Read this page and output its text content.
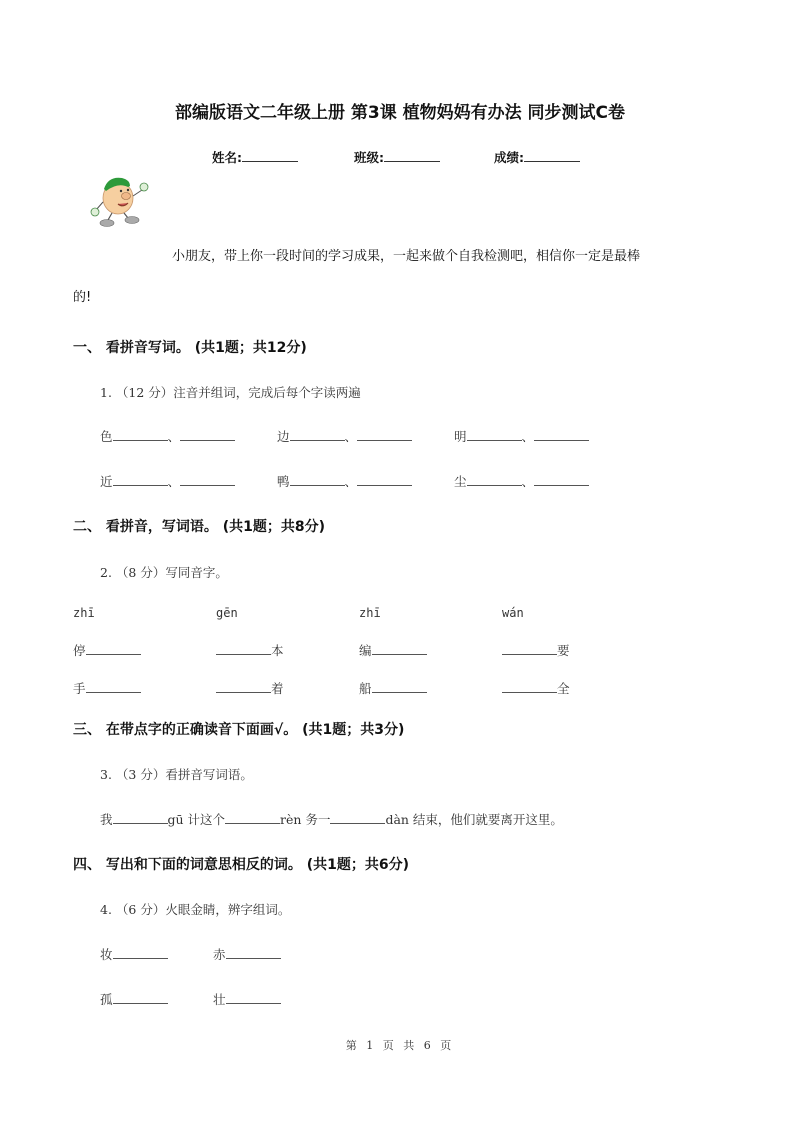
部编版语文二年级上册 第3课 植物妈妈有办法 同步测试C卷
姓名:	班级:	成绩:
小朋友，带上你一段时间的学习成果，一起来做个自我检测吧，相信你一定是最棒
的!
一、 看拼音写词。 (共1题；共12分)
1. （12 分）注音并组词，完成后每个字读两遍
色	、	边	、	明	、
近	、	鸭	、	尘	、
二、 看拼音，写词语。 (共1题；共8分)
2. （8 分）写同音字。
zhī	gēn	zhī	wán
停	本	编	要
手	着	船	全
三、 在带点字的正确读音下面画√。 (共1题；共3分)
3. （3 分）看拼音写词语。
我	gū 计这个	rèn 务一	dàn 结束，他们就要离开这里。
四、 写出和下面的词意思相反的词。 (共1题；共6分)
4. （6 分）火眼金睛，辨字组词。
妆	赤
孤	壮
第 1 页 共 6 页
